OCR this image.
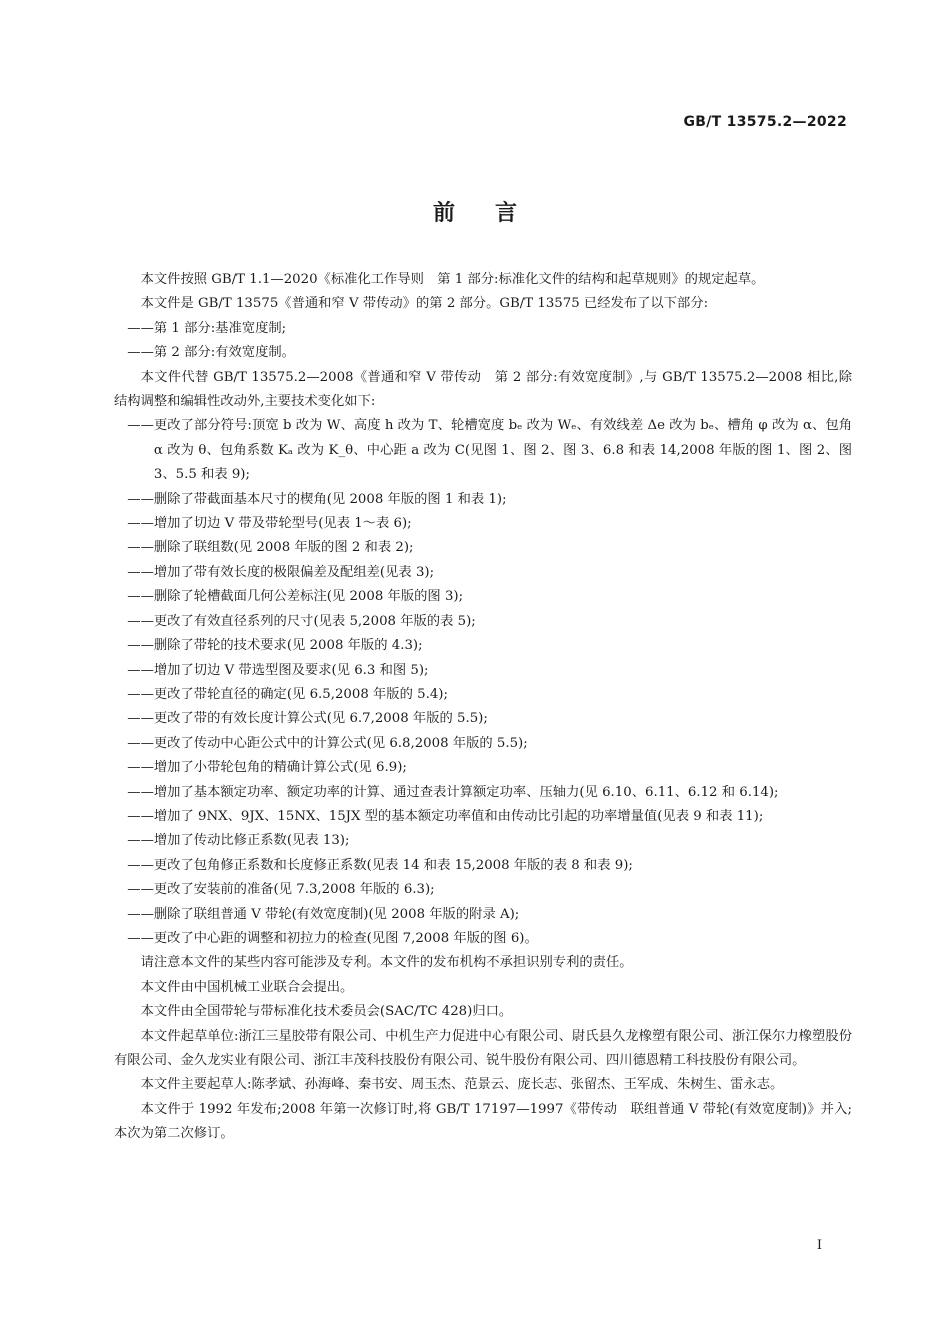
GB/T 13575.2—2022
前言

本文件按照 GB/T 1.1—2020《标准化工作导则　第 1 部分:标准化文件的结构和起草规则》的规定起草。

本文件是 GB/T 13575《普通和窄 V 带传动》的第 2 部分。GB/T 13575 已经发布了以下部分:

——第 1 部分:基准宽度制;

——第 2 部分:有效宽度制。

本文件代替 GB/T 13575.2—2008《普通和窄 V 带传动　第 2 部分:有效宽度制》,与 GB/T 13575.2—2008 相比,除结构调整和编辑性改动外,主要技术变化如下:

——更改了部分符号:顶宽 b 改为 W、高度 h 改为 T、轮槽宽度 bₑ 改为 Wₑ、有效线差 Δe 改为 bₑ、槽角 φ 改为 α、包角 α 改为 θ、包角系数 Kₐ 改为 K_θ、中心距 a 改为 C(见图 1、图 2、图 3、6.8 和表 14,2008 年版的图 1、图 2、图 3、5.5 和表 9);

——删除了带截面基本尺寸的楔角(见 2008 年版的图 1 和表 1);

——增加了切边 V 带及带轮型号(见表 1～表 6);

——删除了联组数(见 2008 年版的图 2 和表 2);

——增加了带有效长度的极限偏差及配组差(见表 3);

——删除了轮槽截面几何公差标注(见 2008 年版的图 3);

——更改了有效直径系列的尺寸(见表 5,2008 年版的表 5);

——删除了带轮的技术要求(见 2008 年版的 4.3);

——增加了切边 V 带选型图及要求(见 6.3 和图 5);

——更改了带轮直径的确定(见 6.5,2008 年版的 5.4);

——更改了带的有效长度计算公式(见 6.7,2008 年版的 5.5);

——更改了传动中心距公式中的计算公式(见 6.8,2008 年版的 5.5);

——增加了小带轮包角的精确计算公式(见 6.9);

——增加了基本额定功率、额定功率的计算、通过查表计算额定功率、压轴力(见 6.10、6.11、6.12 和 6.14);

——增加了 9NX、9JX、15NX、15JX 型的基本额定功率值和由传动比引起的功率增量值(见表 9 和表 11);

——增加了传动比修正系数(见表 13);

——更改了包角修正系数和长度修正系数(见表 14 和表 15,2008 年版的表 8 和表 9);

——更改了安装前的准备(见 7.3,2008 年版的 6.3);

——删除了联组普通 V 带轮(有效宽度制)(见 2008 年版的附录 A);

——更改了中心距的调整和初拉力的检查(见图 7,2008 年版的图 6)。

请注意本文件的某些内容可能涉及专利。本文件的发布机构不承担识别专利的责任。

本文件由中国机械工业联合会提出。

本文件由全国带轮与带标准化技术委员会(SAC/TC 428)归口。

本文件起草单位:浙江三星胶带有限公司、中机生产力促进中心有限公司、尉氏县久龙橡塑有限公司、浙江保尔力橡塑股份有限公司、金久龙实业有限公司、浙江丰茂科技股份有限公司、锐牛股份有限公司、四川德恩精工科技股份有限公司。

本文件主要起草人:陈孝斌、孙海峰、秦书安、周玉杰、范景云、庞长志、张留杰、王军成、朱树生、雷永志。

本文件于 1992 年发布;2008 年第一次修订时,将 GB/T 17197—1997《带传动　联组普通 V 带轮(有效宽度制)》并入;本次为第二次修订。

I
